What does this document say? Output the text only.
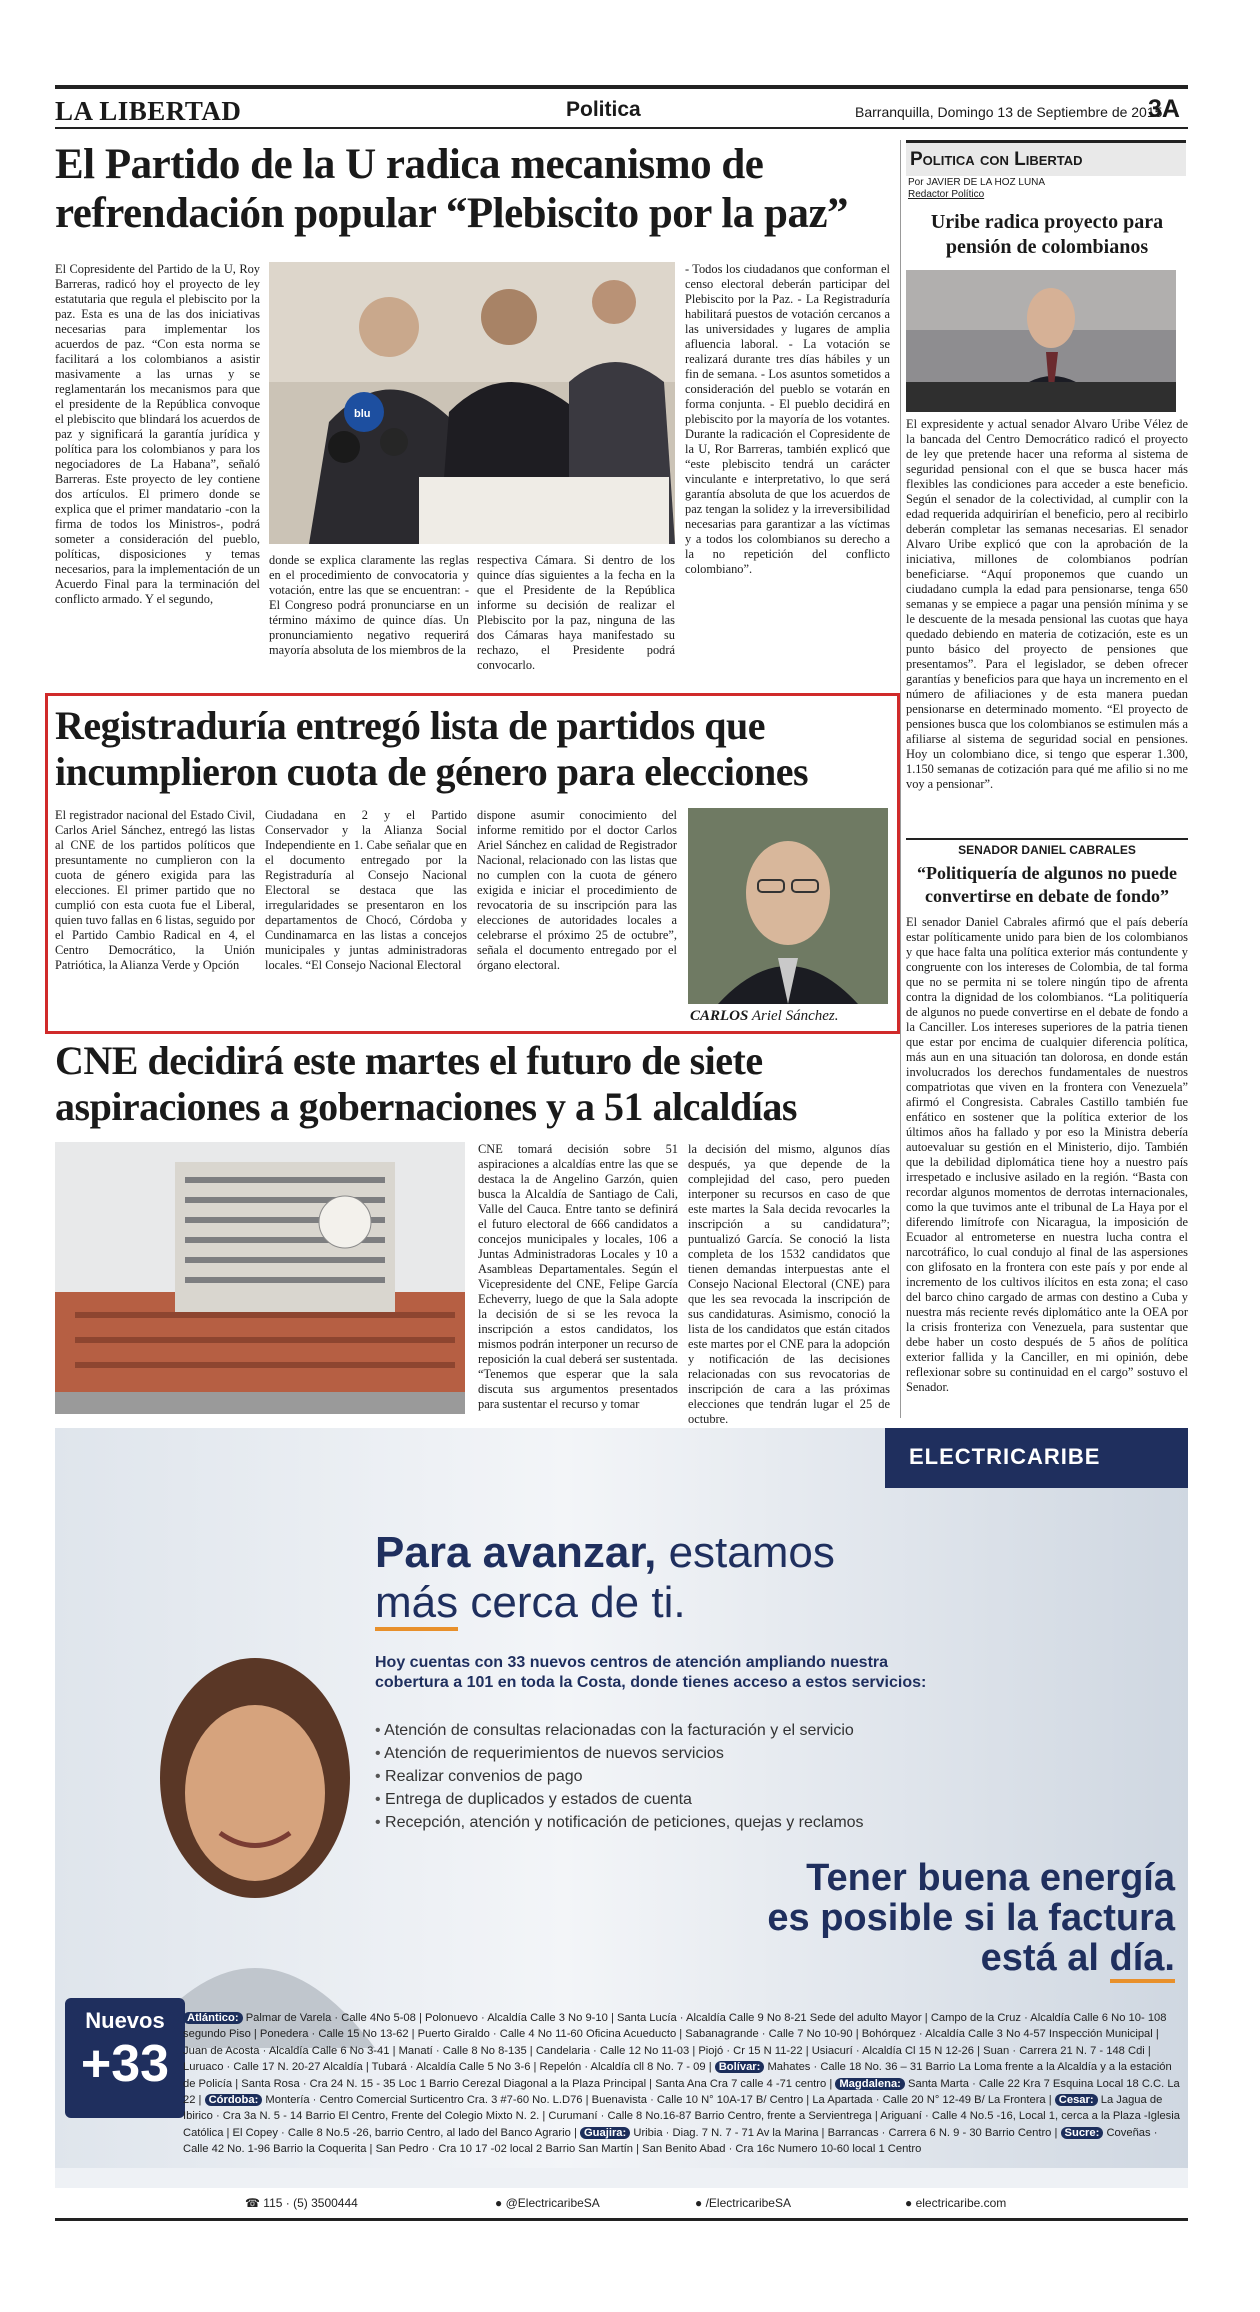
LA LIBERTAD	Politica	Barranquilla, Domingo 13 de Septiembre de 2015
3A
El Partido de la U radica mecanismo de
refrendación popular “Plebiscito por la paz”
El Copresidente del Partido de la U, Roy Barreras, radicó hoy el proyecto de ley estatutaria que regula el plebiscito por la paz. Esta es una de las dos iniciativas necesarias para implementar los acuerdos de paz. “Con esta norma se facilitará a los colombianos a asistir masivamente a las urnas y se reglamentarán los mecanismos para que el presidente de la República convoque el plebiscito que blindará los acuerdos de paz y significará la garantía jurídica y política para los colombianos y para los negociadores de La Habana”, señaló Barreras. Este proyecto de ley contiene dos artículos. El primero donde se explica que el primer mandatario -con la firma de todos los Ministros-, podrá someter a consideración del pueblo, políticas, disposiciones y temas necesarios, para la implementación de un Acuerdo Final para la terminación del conflicto armado. Y el segundo,
blu
donde se explica claramente las reglas en el procedimiento de convocatoria y votación, entre las que se encuentran: - El Congreso podrá pronunciarse en un término máximo de quince días. Un pronunciamiento negativo requerirá mayoría absoluta de los miembros de la
respectiva Cámara. Si dentro de los quince días siguientes a la fecha en la que el Presidente de la República informe su decisión de realizar el Plebiscito por la paz, ninguna de las dos Cámaras haya manifestado su rechazo, el Presidente podrá convocarlo.
- Todos los ciudadanos que conforman el censo electoral deberán participar del Plebiscito por la Paz. - La Registraduría habilitará puestos de votación cercanos a las universidades y lugares de amplia afluencia laboral. - La votación se realizará durante tres días hábiles y un fin de semana. - Los asuntos sometidos a consideración del pueblo se votarán en forma conjunta. - El pueblo decidirá en plebiscito por la mayoría de los votantes. Durante la radicación el Copresidente de la U, Ror Barreras, también explicó que “este plebiscito tendrá un carácter vinculante e interpretativo, lo que será garantía absoluta de que los acuerdos de paz tengan la solidez y la irreversibilidad necesarias para garantizar a las víctimas y a todos los colombianos su derecho a la no repetición del conflicto colombiano”.
Registraduría entregó lista de partidos que
incumplieron cuota de género para elecciones
El registrador nacional del Estado Civil, Carlos Ariel Sánchez, entregó las listas al CNE de los partidos políticos que presuntamente no cumplieron con la cuota de género exigida para las elecciones. El primer partido que no cumplió con esta cuota fue el Liberal, quien tuvo fallas en 6 listas, seguido por el Partido Cambio Radical en 4, el Centro Democrático, la Unión Patriótica, la Alianza Verde y Opción
Ciudadana en 2 y el Partido Conservador y la Alianza Social Independiente en 1. Cabe señalar que en el documento entregado por la Registraduría al Consejo Nacional Electoral se destaca que las irregularidades se presentaron en los departamentos de Chocó, Córdoba y Cundinamarca en las listas a concejos municipales y juntas administradoras locales. “El Consejo Nacional Electoral
dispone asumir conocimiento del informe remitido por el doctor Carlos Ariel Sánchez en calidad de Registrador Nacional, relacionado con las listas que no cumplen con la cuota de género exigida e iniciar el procedimiento de revocatoria de su inscripción para las elecciones de autoridades locales a celebrarse el próximo 25 de octubre”, señala el documento entregado por el órgano electoral.
CARLOS Ariel Sánchez.
CNE decidirá este martes el futuro de siete
aspiraciones a gobernaciones y a 51 alcaldías
CNE tomará decisión sobre 51 aspiraciones a alcaldías entre las que se destaca la de Angelino Garzón, quien busca la Alcaldía de Santiago de Cali, Valle del Cauca. Entre tanto se definirá el futuro electoral de 666 candidatos a concejos municipales y locales, 106 a Juntas Administradoras Locales y 10 a Asambleas Departamentales. Según el Vicepresidente del CNE, Felipe García Echeverry, luego de que la Sala adopte la decisión de si se les revoca la inscripción a estos candidatos, los mismos podrán interponer un recurso de reposición la cual deberá ser sustentada. “Tenemos que esperar que la sala discuta sus argumentos presentados para sustentar el recurso y tomar
la decisión del mismo, algunos días después, ya que depende de la complejidad del caso, pero pueden interponer su recursos en caso de que este martes la Sala decida revocarles la inscripción a su candidatura”; puntualizó García. Se conoció la lista completa de los 1532 candidatos que tienen demandas interpuestas ante el Consejo Nacional Electoral (CNE) para que les sea revocada la inscripción de sus candidaturas. Asimismo, conoció la lista de los candidatos que están citados este martes por el CNE para la adopción y notificación de las decisiones relacionadas con sus revocatorias de inscripción de cara a las próximas elecciones que tendrán lugar el 25 de octubre.
Politica con Libertad
Por JAVIER DE LA HOZ LUNA
Redactor Político
Uribe radica proyecto para pensión de colombianos
El expresidente y actual senador Alvaro Uribe Vélez de la bancada del Centro Democrático radicó el proyecto de ley que pretende hacer una reforma al sistema de seguridad pensional con el que se busca hacer más flexibles las condiciones para acceder a este beneficio. Según el senador de la colectividad, al cumplir con la edad requerida adquirirían el beneficio, pero al recibirlo deberán completar las semanas necesarias. El senador Alvaro Uribe explicó que con la aprobación de la iniciativa, millones de colombianos podrían beneficiarse. “Aquí proponemos que cuando un ciudadano cumpla la edad para pensionarse, tenga 650 semanas y se empiece a pagar una pensión mínima y se le descuente de la mesada pensional las cuotas que haya quedado debiendo en materia de cotización, este es un punto básico del proyecto de pensiones que presentamos”. Para el legislador, se deben ofrecer garantías y beneficios para que haya un incremento en el número de afiliaciones y de esta manera puedan pensionarse en determinado momento. “El proyecto de pensiones busca que los colombianos se estimulen más a afiliarse al sistema de seguridad social en pensiones. Hoy un colombiano dice, si tengo que esperar 1.300, 1.150 semanas de cotización para qué me afilio si no me voy a pensionar”.
SENADOR DANIEL CABRALES
“Politiquería de algunos no puede convertirse en debate de fondo”
El senador Daniel Cabrales afirmó que el país debería estar políticamente unido para bien de los colombianos y que hace falta una política exterior más contundente y congruente con los intereses de Colombia, de tal forma que no se permita ni se tolere ningún tipo de afrenta contra la dignidad de los colombianos. “La politiquería de algunos no puede convertirse en el debate de fondo a la Canciller. Los intereses superiores de la patria tienen que estar por encima de cualquier diferencia política, más aun en una situación tan dolorosa, en donde están involucrados los derechos fundamentales de nuestros compatriotas que viven en la frontera con Venezuela” afirmó el Congresista. Cabrales Castillo también fue enfático en sostener que la política exterior de los últimos años ha fallado y por eso la Ministra debería autoevaluar su gestión en el Ministerio, dijo. También que la debilidad diplomática tiene hoy a nuestro país irrespetado e inclusive asilado en la región. “Basta con recordar algunos momentos de derrotas internacionales, como la que tuvimos ante el tribunal de La Haya por el diferendo limítrofe con Nicaragua, la imposición de Ecuador al entrometerse en nuestra lucha contra el narcotráfico, lo cual condujo al final de las aspersiones con glifosato en la frontera con este país y por ende al incremento de los cultivos ilícitos en esta zona; el caso del barco chino cargado de armas con destino a Cuba y nuestra más reciente revés diplomático ante la OEA por la crisis fronteriza con Venezuela, para sustentar que debe haber un costo después de 5 años de política exterior fallida y la Canciller, en mi opinión, debe reflexionar sobre su continuidad en el cargo” sostuvo el Senador.
ELECTRICARIBE
Para avanzar, estamos
más cerca de ti.
Hoy cuentas con 33 nuevos centros de atención ampliando nuestra cobertura a 101 en toda la Costa, donde tienes acceso a estos servicios:
• Atención de consultas relacionadas con la facturación y el servicio
• Atención de requerimientos de nuevos servicios
• Realizar convenios de pago
• Entrega de duplicados y estados de cuenta
• Recepción, atención y notificación de peticiones, quejas y reclamos
Tener buena energía
es posible si la factura
está al día.
Nuevos
+33
Atlántico: Palmar de Varela · Calle 4No 5-08 | Polonuevo · Alcaldía Calle 3 No 9-10 | Santa Lucía · Alcaldía Calle 9 No 8-21 Sede del adulto Mayor | Campo de la Cruz · Alcaldía Calle 6 No 10- 108 segundo Piso | Ponedera · Calle 15 No 13-62 | Puerto Giraldo · Calle 4 No 11-60 Oficina Acueducto | Sabanagrande · Calle 7 No 10-90 | Bohórquez · Alcaldía Calle 3 No 4-57 Inspección Municipal | Juan de Acosta · Alcaldía Calle 6 No 3-41 | Manatí · Calle 8 No 8-135 | Candelaria · Calle 12 No 11-03 | Piojó · Cr 15 N 11-22 | Usiacurí · Alcaldía Cl 15 N 12-26 | Suan · Carrera 21 N. 7 - 148 Cdi | Luruaco · Calle 17 N. 20-27 Alcaldía | Tubará · Alcaldía Calle 5 No 3-6 | Repelón · Alcaldía cll 8 No. 7 - 09 | Bolívar: Mahates · Calle 18 No. 36 – 31 Barrio La Loma frente a la Alcaldía y a la estación de Policía | Santa Rosa · Cra 24 N. 15 - 35 Loc 1 Barrio Cerezal Diagonal a la Plaza Principal | Santa Ana Cra 7 calle 4 -71 centro | Magdalena: Santa Marta · Calle 22 Kra 7 Esquina Local 18 C.C. La 22 | Córdoba: Montería · Centro Comercial Surticentro Cra. 3 #7-60 No. L.D76 | Buenavista · Calle 10 N° 10A-17 B/ Centro | La Apartada · Calle 20 N° 12-49 B/ La Frontera | Cesar: La Jagua de Ibirico · Cra 3a N. 5 - 14 Barrio El Centro, Frente del Colegio Mixto N. 2. | Curumaní · Calle 8 No.16-87 Barrio Centro, frente a Servientrega | Ariguaní · Calle 4 No.5 -16, Local 1, cerca a la Plaza -Iglesia Católica | El Copey · Calle 8 No.5 -26, barrio Centro, al lado del Banco Agrario | Guajira: Uribia · Diag. 7 N. 7 - 71 Av la Marina | Barrancas · Carrera 6 N. 9 - 30 Barrio Centro | Sucre: Coveñas · Calle 42 No. 1-96 Barrio la Coquerita | San Pedro · Cra 10 17 -02 local 2 Barrio San Martín | San Benito Abad · Cra 16c Numero 10-60 local 1 Centro
☎ 115 · (5) 3500444	● @ElectricaribeSA	● /ElectricaribeSA	● electricaribe.com
